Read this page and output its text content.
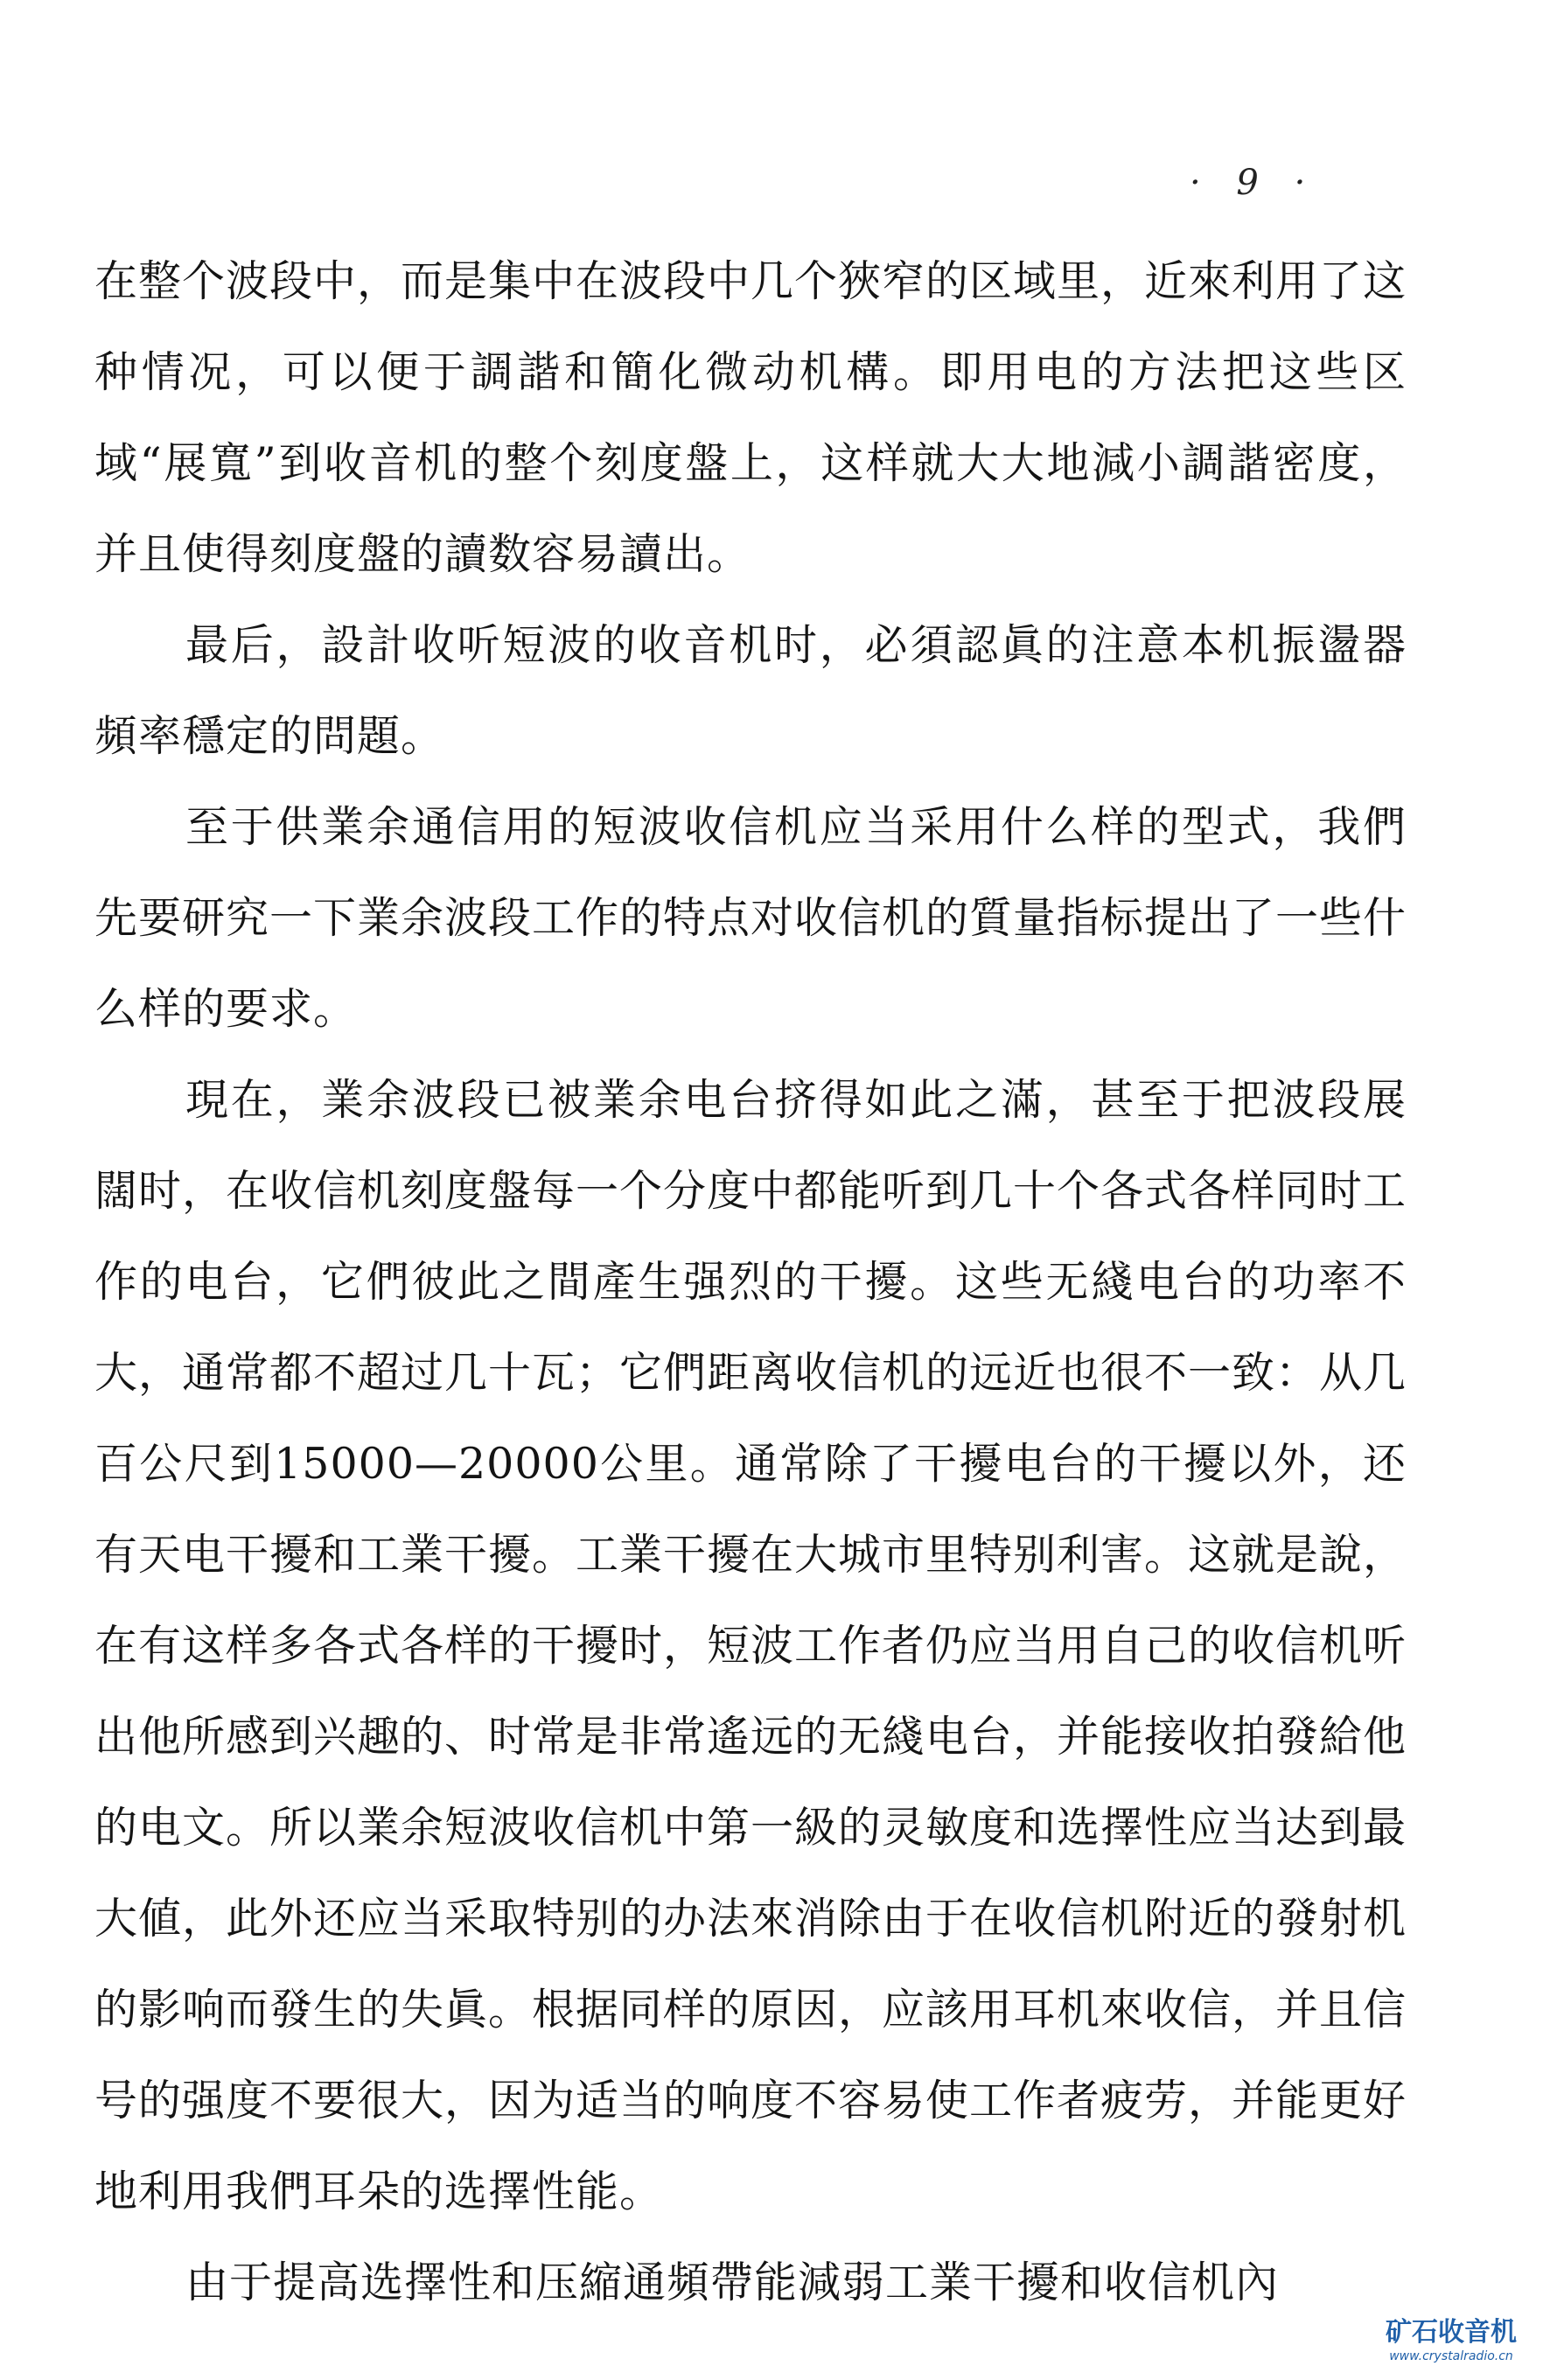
· 9 ·

在整个波段中，而是集中在波段中几个狹窄的区域里，近來利用了这种情况，可以便于調諧和簡化微动机構。即用电的方法把这些区域“展寬”到收音机的整个刻度盤上，这样就大大地減小調諧密度，并且使得刻度盤的讀数容易讀出。

最后，設計收听短波的收音机时，必須認眞的注意本机振盪器頻率穩定的問題。

至于供業余通信用的短波收信机应当采用什么样的型式，我們先要研究一下業余波段工作的特点对收信机的質量指标提出了一些什么样的要求。

現在，業余波段已被業余电台挤得如此之滿，甚至于把波段展闊时，在收信机刻度盤每一个分度中都能听到几十个各式各样同时工作的电台，它們彼此之間產生强烈的干擾。这些无綫电台的功率不大，通常都不超过几十瓦；它們距离收信机的远近也很不一致：从几百公尺到15000—20000公里。通常除了干擾电台的干擾以外，还有天电干擾和工業干擾。工業干擾在大城市里特别利害。这就是說，在有这样多各式各样的干擾时，短波工作者仍应当用自己的收信机听出他所感到兴趣的、时常是非常遙远的无綫电台，并能接收拍發給他的电文。所以業余短波收信机中第一級的灵敏度和选擇性应当达到最大値，此外还应当采取特别的办法來消除由于在收信机附近的發射机的影响而發生的失眞。根据同样的原因，应該用耳机來收信，并且信号的强度不要很大，因为适当的响度不容易使工作者疲劳，并能更好地利用我們耳朵的选擇性能。

由于提高选擇性和压縮通頻帶能減弱工業干擾和收信机內

矿石收音机
www.crystalradio.cn
